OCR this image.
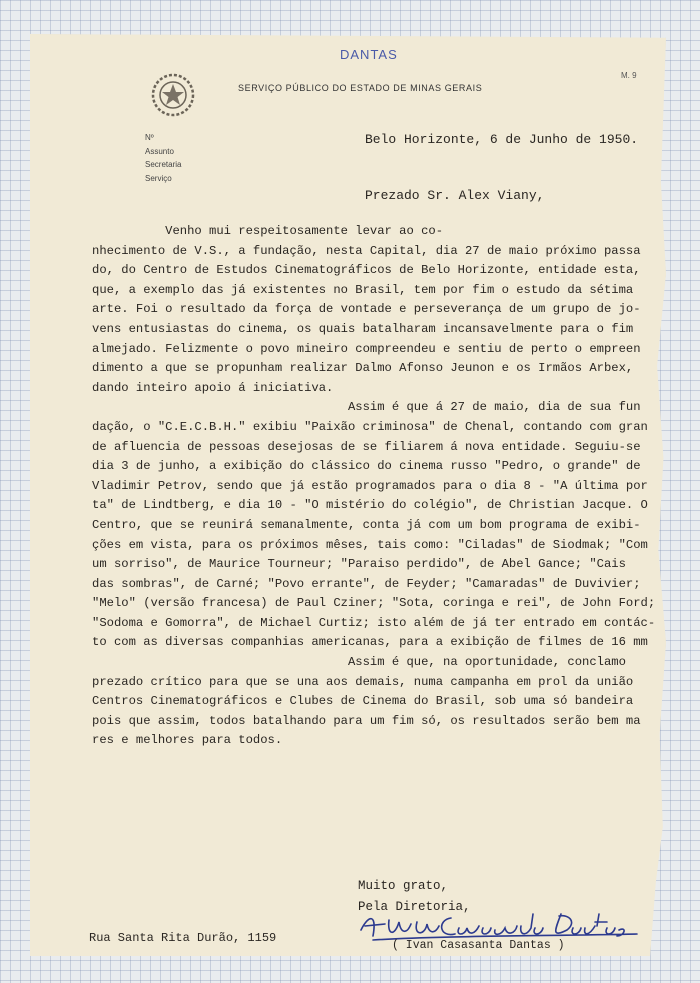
DANTAS
M. 9
SERVIÇO PÚBLICO DO ESTADO DE MINAS GERAIS
Nº
Assunto
Secretaria
Serviço
Belo Horizonte, 6 de Junho de 1950.
Prezado Sr. Alex Viany,
Venho mui respeitosamente levar ao co-
nhecimento de V.S., a fundação, nesta Capital, dia 27 de maio próximo passa
do, do Centro de Estudos Cinematográficos de Belo Horizonte, entidade esta,
que, a exemplo das já existentes no Brasil, tem por fim o estudo da sétima
arte. Foi o resultado da força de vontade e perseverança de um grupo de jo-
vens entusiastas do cinema, os quais batalharam incansavelmente para o fim
almejado. Felizmente o povo mineiro compreendeu e sentiu de perto o empreen
dimento a que se propunham realizar Dalmo Afonso Jeunon e os Irmãos Arbex,
dando inteiro apoio á iniciativa.
Assim é que á 27 de maio, dia de sua fun
dação, o "C.E.C.B.H." exibiu "Paixão criminosa" de Chenal, contando com gran
de afluencia de pessoas desejosas de se filiarem á nova entidade. Seguiu-se
dia 3 de junho, a exibição do clássico do cinema russo "Pedro, o grande" de
Vladimir Petrov, sendo que já estão programados para o dia 8 - "A última por
ta" de Lindtberg, e dia 10 - "O mistério do colégio", de Christian Jacque. O
Centro, que se reunirá semanalmente, conta já com um bom programa de exibi-
ções em vista, para os próximos mêses, tais como: "Ciladas" de Siodmak; "Com
um sorriso", de Maurice Tourneur; "Paraiso perdido", de Abel Gance; "Cais
das sombras", de Carné; "Povo errante", de Feyder; "Camaradas" de Duvivier;
"Melo" (versão francesa) de Paul Cziner; "Sota, coringa e rei", de John Ford;
"Sodoma e Gomorra", de Michael Curtiz; isto além de já ter entrado em contác-
to com as diversas companhias americanas, para a exibição de filmes de 16 mm
Assim é que, na oportunidade, conclamo
prezado crítico para que se una aos demais, numa campanha em prol da união
Centros Cinematográficos e Clubes de Cinema do Brasil, sob uma só bandeira
pois que assim, todos batalhando para um fim só, os resultados serão bem ma
res e melhores para todos.
Muito grato,
Pela Diretoria,
( Ivan Casasanta Dantas )
Rua Santa Rita Durão, 1159
